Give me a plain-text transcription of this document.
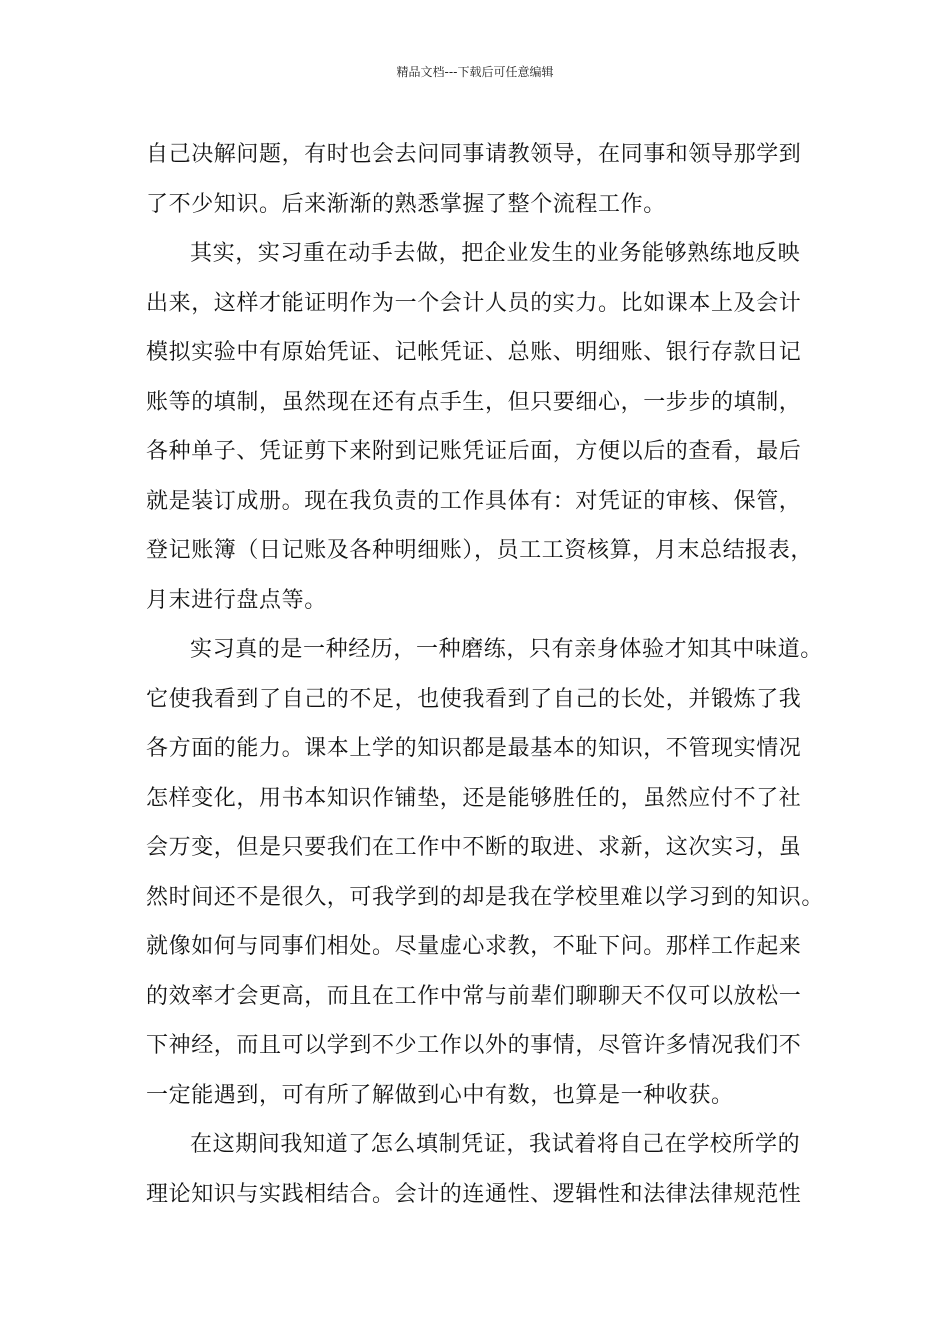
精品文档---下载后可任意编辑
自己决解问题，有时也会去问同事请教领导，在同事和领导那学到
了不少知识。后来渐渐的熟悉掌握了整个流程工作。
其实，实习重在动手去做，把企业发生的业务能够熟练地反映
出来，这样才能证明作为一个会计人员的实力。比如课本上及会计
模拟实验中有原始凭证、记帐凭证、总账、明细账、银行存款日记
账等的填制，虽然现在还有点手生，但只要细心，一步步的填制，
各种单子、凭证剪下来附到记账凭证后面，方便以后的查看，最后
就是装订成册。现在我负责的工作具体有：对凭证的审核、保管，
登记账簿（日记账及各种明细账），员工工资核算，月末总结报表，
月末进行盘点等。
实习真的是一种经历，一种磨练，只有亲身体验才知其中味道。
它使我看到了自己的不足，也使我看到了自己的长处，并锻炼了我
各方面的能力。课本上学的知识都是最基本的知识，不管现实情况
怎样变化，用书本知识作铺垫，还是能够胜任的，虽然应付不了社
会万变，但是只要我们在工作中不断的取进、求新，这次实习，虽
然时间还不是很久，可我学到的却是我在学校里难以学习到的知识。
就像如何与同事们相处。尽量虚心求教，不耻下问。那样工作起来
的效率才会更高，而且在工作中常与前辈们聊聊天不仅可以放松一
下神经，而且可以学到不少工作以外的事情，尽管许多情况我们不
一定能遇到，可有所了解做到心中有数，也算是一种收获。
在这期间我知道了怎么填制凭证，我试着将自己在学校所学的
理论知识与实践相结合。会计的连通性、逻辑性和法律法律规范性
